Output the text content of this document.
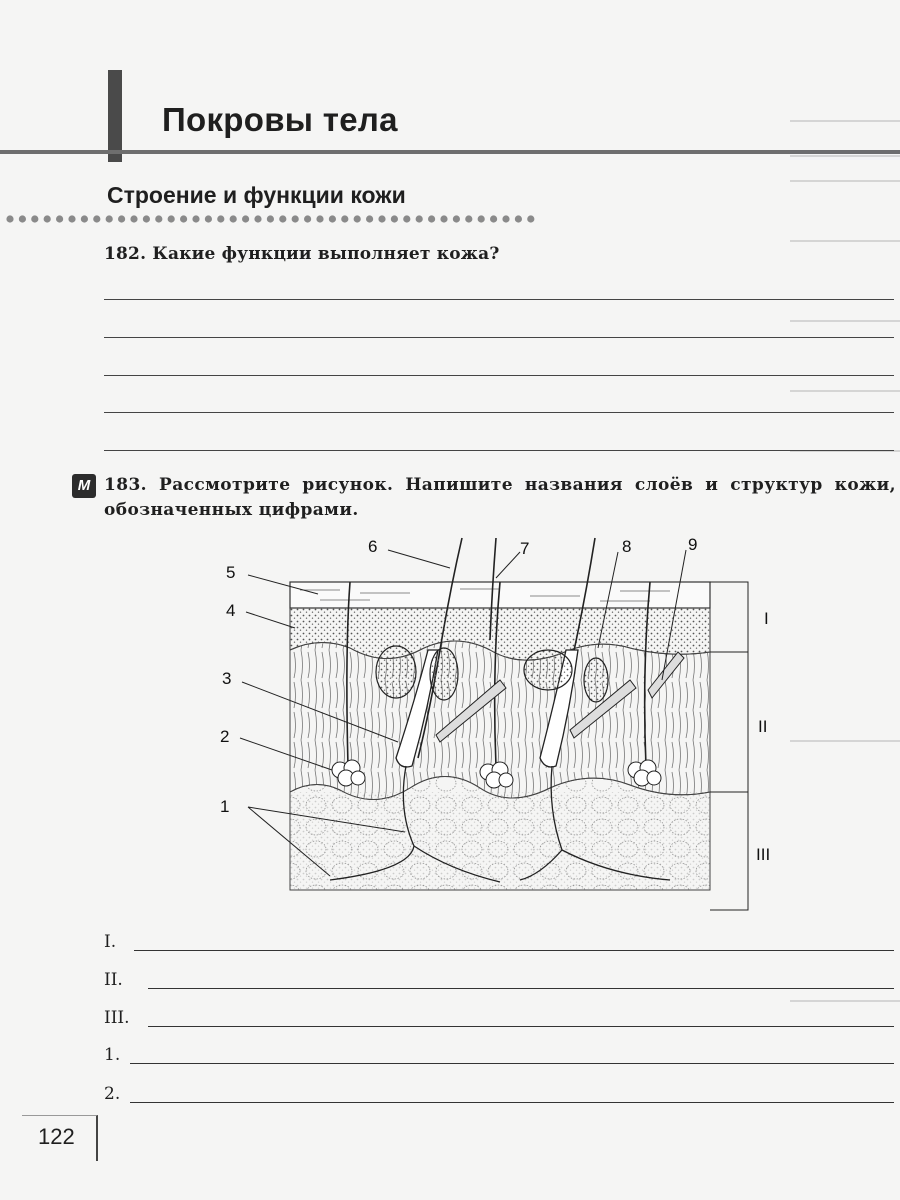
Покровы тела
Строение и функции кожи
182. Какие функции выполняет кожа?
М 183. Рассмотрите рисунок. Напишите названия слоёв и структур кожи, обозначенных цифрами.
5
4
3
2
1
6	7	8	9
I
II
III
I.
II.
III.
1.
2.
122
